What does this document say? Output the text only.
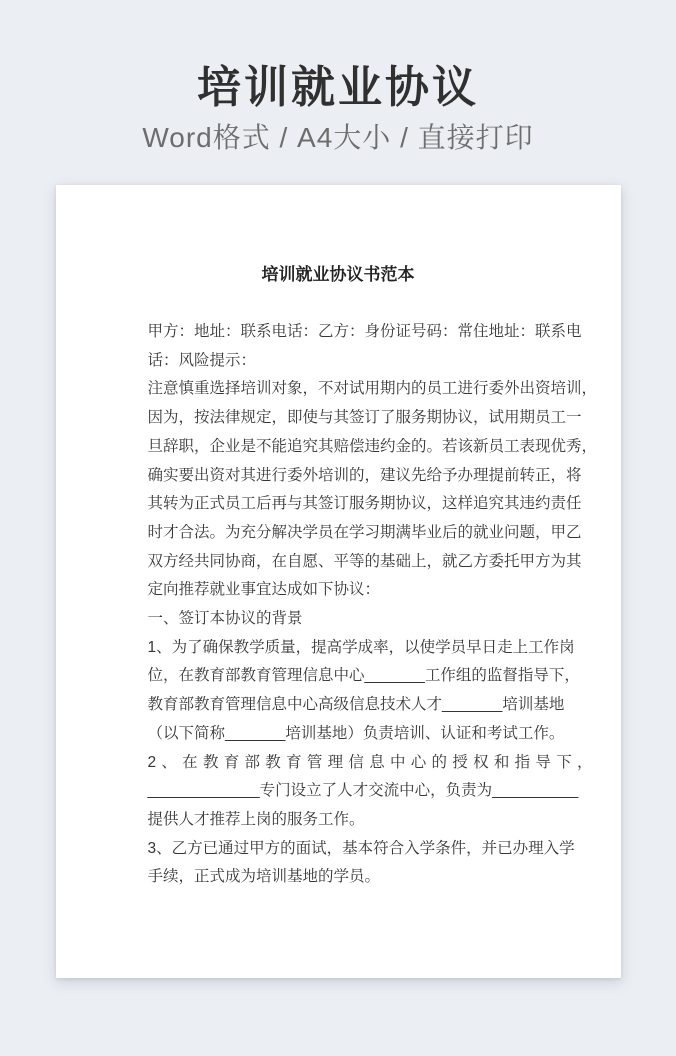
培训就业协议

Word格式 / A4大小 / 直接打印

培训就业协议书范本
甲方：地址：联系电话：乙方：身份证号码：常住地址：联系电
话：风险提示：
注意慎重选择培训对象，不对试用期内的员工进行委外出资培训，
因为，按法律规定，即使与其签订了服务期协议，试用期员工一
旦辞职，企业是不能追究其赔偿违约金的。若该新员工表现优秀，
确实要出资对其进行委外培训的，建议先给予办理提前转正，将
其转为正式员工后再与其签订服务期协议，这样追究其违约责任
时才合法。为充分解决学员在学习期满毕业后的就业问题，甲乙
双方经共同协商，在自愿、平等的基础上，就乙方委托甲方为其
定向推荐就业事宜达成如下协议：
一、签订本协议的背景
1、为了确保教学质量，提高学成率，以使学员早日走上工作岗
位，在教育部教育管理信息中心_______工作组的监督指导下，
教育部教育管理信息中心高级信息技术人才_______培训基地
（以下简称_______培训基地）负责培训、认证和考试工作。
2、在教育部教育管理信息中心的授权和指导下，
_____________专门设立了人才交流中心，负责为__________
提供人才推荐上岗的服务工作。
3、乙方已通过甲方的面试，基本符合入学条件，并已办理入学
手续，正式成为培训基地的学员。
